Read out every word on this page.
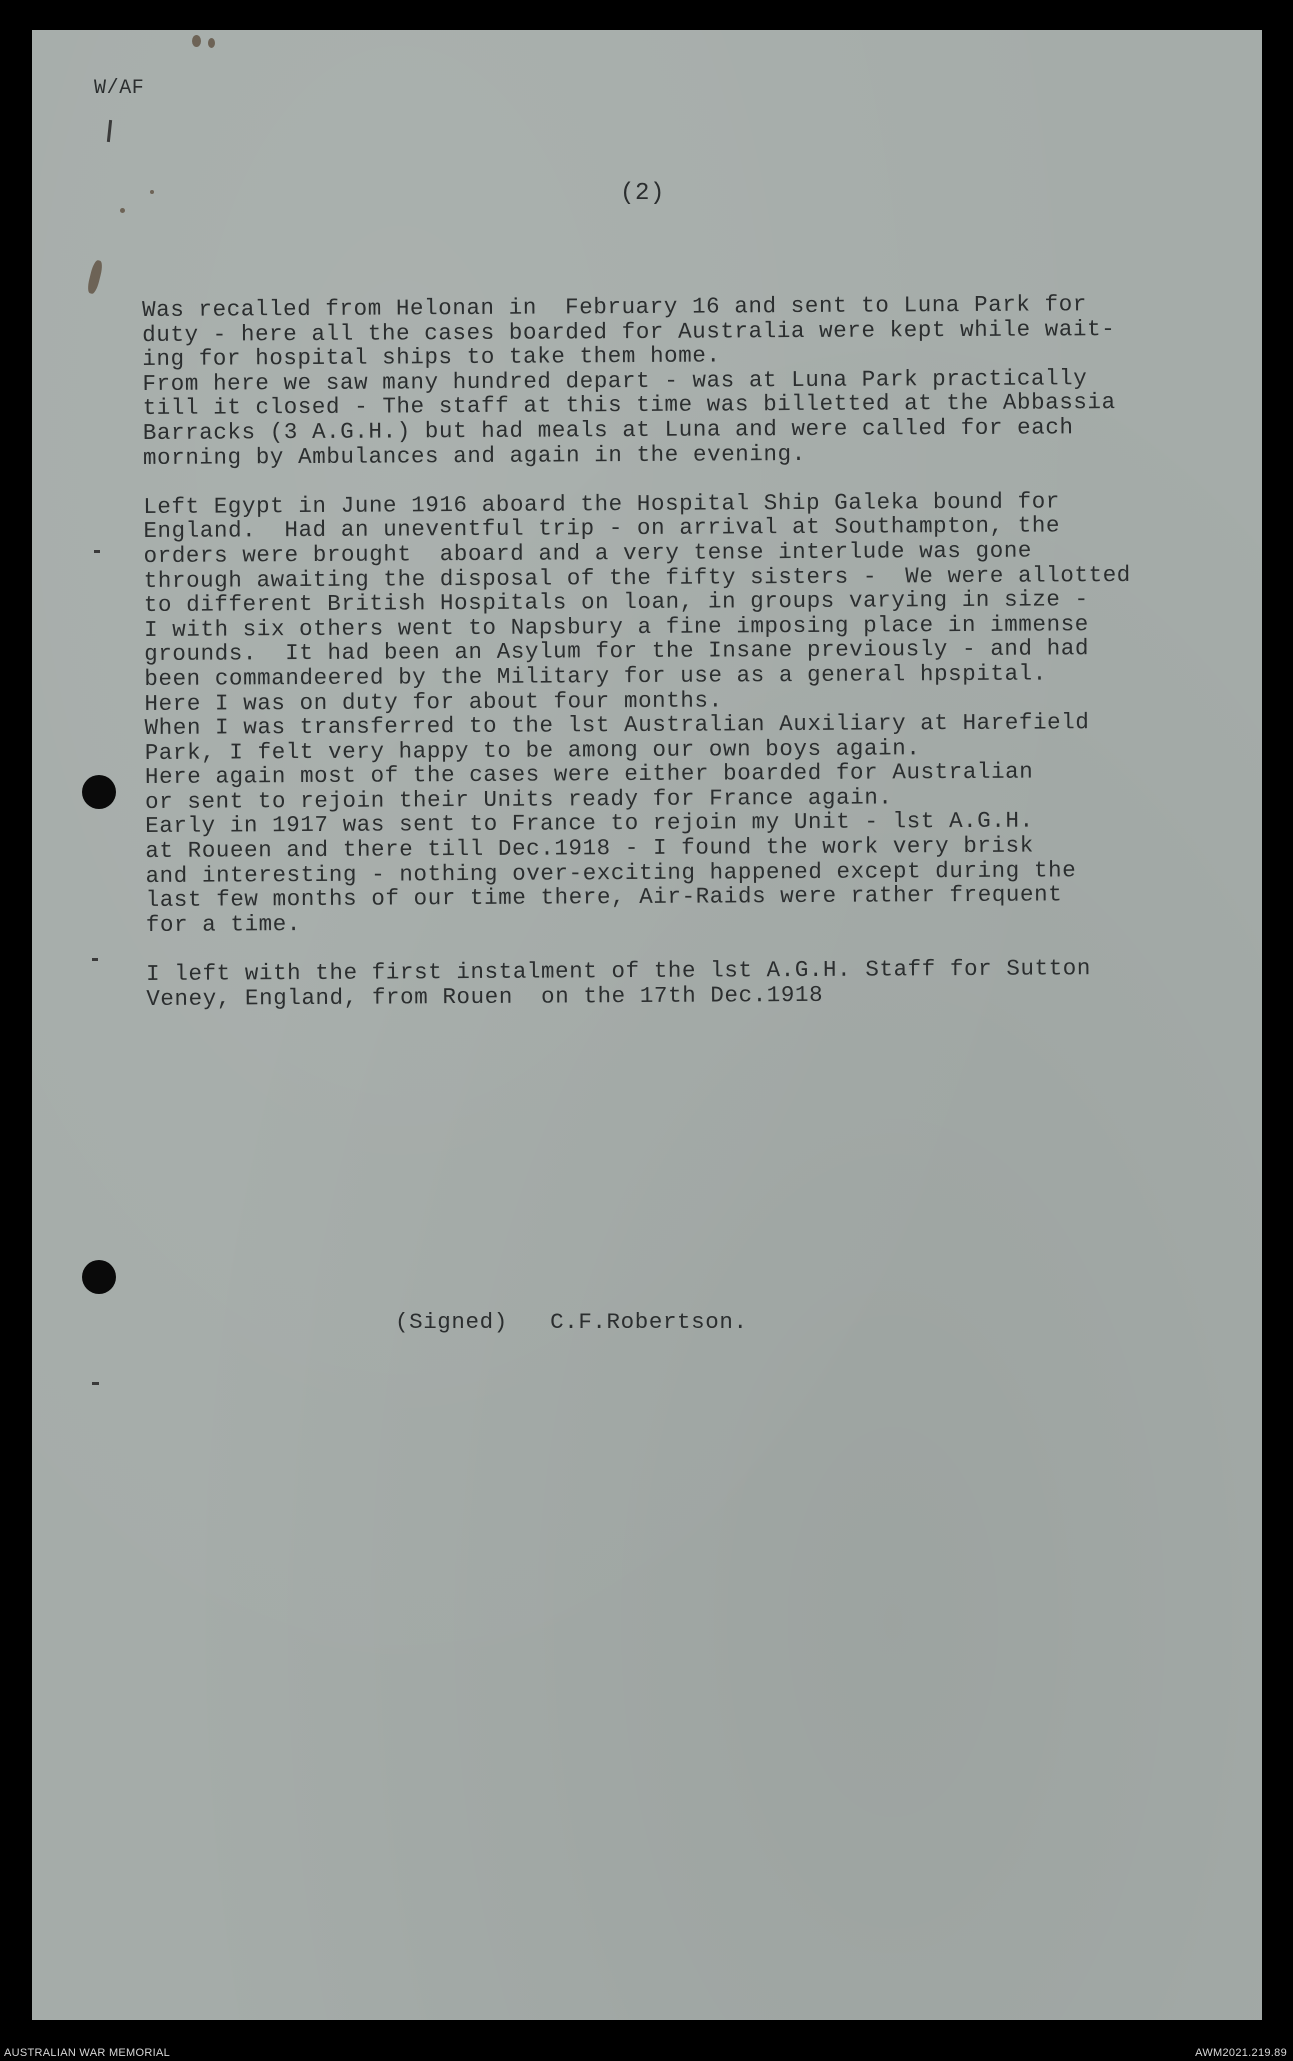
W/AF
(2)
Was recalled from Helonan in  February 16 and sent to Luna Park for
duty - here all the cases boarded for Australia were kept while wait-
ing for hospital ships to take them home.
From here we saw many hundred depart - was at Luna Park practically
till it closed - The staff at this time was billetted at the Abbassia
Barracks (3 A.G.H.) but had meals at Luna and were called for each
morning by Ambulances and again in the evening.
Left Egypt in June 1916 aboard the Hospital Ship Galeka bound for
England.  Had an uneventful trip - on arrival at Southampton, the
orders were brought  aboard and a very tense interlude was gone
through awaiting the disposal of the fifty sisters -  We were allotted
to different British Hospitals on loan, in groups varying in size -
I with six others went to Napsbury a fine imposing place in immense
grounds.  It had been an Asylum for the Insane previously - and had
been commandeered by the Military for use as a general hpspital.
Here I was on duty for about four months.
When I was transferred to the lst Australian Auxiliary at Harefield
Park, I felt very happy to be among our own boys again.
Here again most of the cases were either boarded for Australian
or sent to rejoin their Units ready for France again.
Early in 1917 was sent to France to rejoin my Unit - lst A.G.H.
at Roueen and there till Dec.1918 - I found the work very brisk
and interesting - nothing over-exciting happened except during the
last few months of our time there, Air-Raids were rather frequent
for a time.
I left with the first instalment of the lst A.G.H. Staff for Sutton
Veney, England, from Rouen  on the 17th Dec.1918
(Signed)   C.F.Robertson.
AUSTRALIAN WAR MEMORIAL	AWM2021.219.89
